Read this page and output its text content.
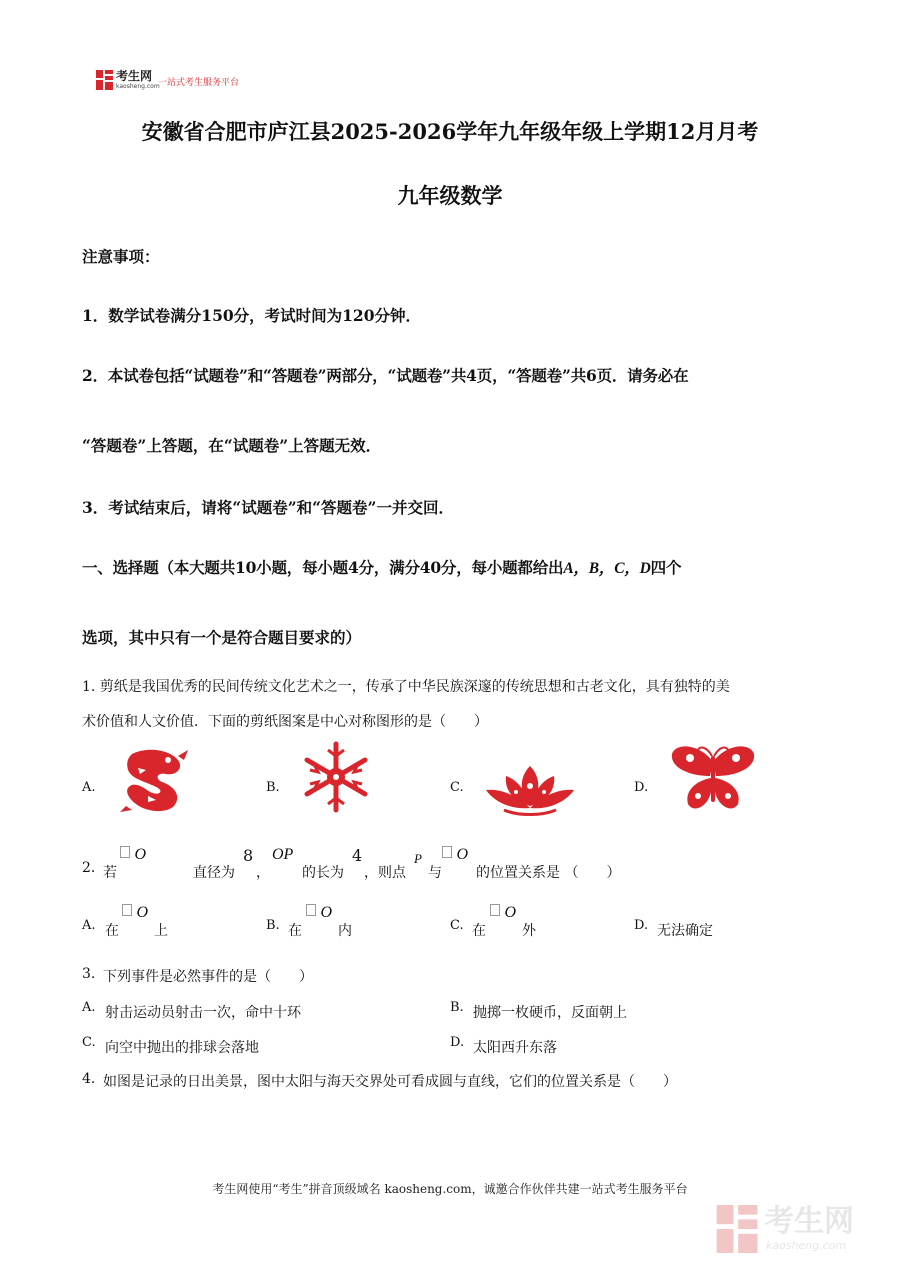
考生网
kaosheng.com
一站式考生服务平台
安徽省合肥市庐江县2025-2026学年九年级年级上学期12月月考
九年级数学
注意事项：
1．数学试卷满分150分，考试时间为120分钟．
2．本试卷包括“试题卷”和“答题卷”两部分，“试题卷”共4页，“答题卷”共6页．请务必在
“答题卷”上答题，在“试题卷”上答题无效．
3．考试结束后，请将“试题卷”和“答题卷”一并交回．
一、选择题（本大题共10小题，每小题4分，满分40分，每小题都给出A，B，C，D四个
选项，其中只有一个是符合题目要求的）
1. 剪纸是我国优秀的民间传统文化艺术之一，传承了中华民族深邃的传统思想和古老文化，具有独特的美
术价值和人文价值．下面的剪纸图案是中心对称图形的是（　　）
A.	B.	C.	D.
2. 若
O
直径为
8
，
OP
的长为
4
，则点
P
与
O
的位置关系是 （　　）
A. 在
O
上	B. 在
O
内	C. 在
O
外	D. 无法确定
3. 下列事件是必然事件的是（　　）
A. 射击运动员射击一次，命中十环	B. 抛掷一枚硬币，反面朝上
C. 向空中抛出的排球会落地	D. 太阳西升东落
4. 如图是记录的日出美景，图中太阳与海天交界处可看成圆与直线，它们的位置关系是（　　）
考生网使用“考生”拼音顶级域名 kaosheng.com，诚邀合作伙伴共建一站式考生服务平台
考生网
kaosheng.com
